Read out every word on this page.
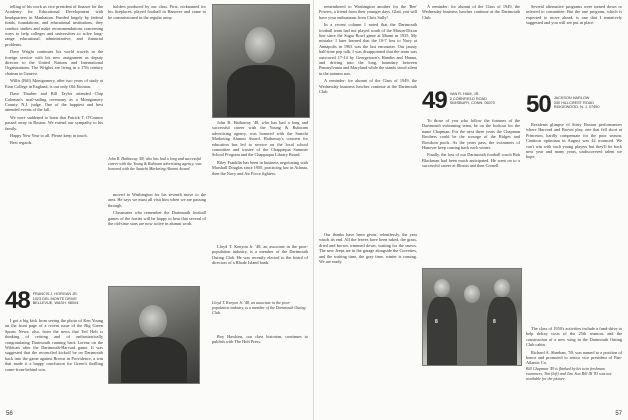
telling of his work as vice president of finance for the Academy for Educational Development with headquarters in Manhattan. Funded largely by federal funds, foundations, and educational institutions, they conduct studies and make recommendations concerning ways to help colleges and universities to solve long-range educational, administrative, and financial problems.

Dave Wright continues his world travels in the foreign service with his new assignment as deputy director to the United Nations and International Organizations. The Wrights are living in a 17th century chateau in Geneva.

Willis (Bill) Montgomery, after two years of study at Eton College in England, is our only Old Etonian.

Dave Thurber and Bill Taylor attended Chip Coleman's mail-sailing ceremony as a Montgomery County, N.J. judge. One of the happiest and best attended events of the fall.

We were saddened to learn that Patrick T. O'Connor passed away in Boston. We extend our sympathy to his family.

Happy New Year to all. Please keep in touch.

Best regards.

48 FRANCIS J. HORGAN JR.
1023 DEL MONTE DRIVE
BELLEVUE, WASH. 98004

I got a big kick from seeing the photo of Ken Young on the front page of a recent issue of the Big Green Sports News; also, from the news that Ted Holt is thinking of retiring and of enthusiastically congratulating Dartmouth running back Lorenz on the Wildcats after the Dartmouth-Harvard game. It was suggested that the reconciled kickoff be on Dartmouth back into the game against Brown in Providence, a win that made it a happy conclusion for Green's thrilling come-from-behind win.

holders produced by our class. First, nicknamed for his fireplaces, played football in Hanover and came to be commissioned in the regular army.

John R. Hathaway '48, who has had a long and successful career with the Young & Rubicam advertising agency, was honored with the Saatchi Marketing Alumni Award.

John R. Hathaway '48, who has had a long and successful career with the Young & Rubicam advertising agency, was honored with the Saatchi Marketing Alumni Award. Hathaway's concern for education has led to service on the local school committee and trustee of the Chappaqua Summer School Program and the Chappaqua Library Board.

Riley Franklin has been in business negotiating with Marshall Douglas since 1950, practicing law in Atlanta, then the Navy and Air Force fighters.

moved to Washington for his seventh move to the area. He says we must all visit him when we are passing through.

Classmates who remember the Dartmouth football games of the forties will be happy to hear that several of the old-time stars are now active in alumni work.

Lloyd T. Kenyon Jr. '48, an associate in the poor-population industry, is a member of the Dartmouth Outing Club.

Lloyd T. Kenyon Jr. '48, an associate in the poor-population industry, is a member of the Dartmouth Outing Club. He was recently elected to the board of directors of a Rhode Island bank.

Roy Hawkins, our class historian, continues to publish with The Holt Press.

56

remembered to Washington another for the 'Bee' Powers, a friend from their younger days. Glad, you will have your enthusiasm from Chris Sully!

In a recent column I noted that the Dartmouth football team had not played south of the Mason-Dixon line since the Sugar Bowl game at Miami in 1935. My mistake. I later learned that the 10-7 loss to Navy at Annapolis in 1963 was the last encounter. Our jaunty half-time pep talk, I was disappointed that the team was outscored 17-14 by Georgetown's Hamlin and Hanna, and driving into the long, boundary between Pennsylvania and Maryland while the stands stood silent in the autumn sun.

A reminder: for alumni of the Class of 1949, the Wednesday business lunches continue at the Dartmouth Club.	49 VAN R. HAM, JR.
2 CORNFIELD ROAD
SIMSBURY, CONN. 06070

A reminder: for alumni of the Class of 1949, the Wednesday business lunches continue at the Dartmouth Club.

To those of you who follow the fortunes of the Dartmouth swimming team, be on the lookout for the name Chapman. For the next three years the Chapman Brothers could be the scourge of the Ridges and Bowdoin pools. As the years pass, the swimmers of Hanover keep coming back each winter.

Finally, the loss of our Dartmouth football coach Bob Blackman had been much anticipated. He went on to a successful career at Illinois and then Cornell.

Our thanks have been given; relentlessly, the year winds its end. All the leaves have been raked, the grass, dried and brown, trimmed down, waiting for the snows. The new Jeeps are in the garage alongside the Corvettes, and the waiting time, the gray time, winter is coming. We are ready.

50 JACKSON HARLOW
330 HILLCREST ROAD
RIDGEWOOD, N. J. 07450

Residents glimpse of thirty Boston performances where Harvard and Brown play, one that fell short at Princeton, hardly compensate for the poor season. Cautious optimism in August was 42 trounced. We can't win with such young players but they'll be back next year and many years, undiscovered talent we hope.

Several alternative programs were turned down or referred to committee. But the one program, which is expected to move ahead, is one that I tentatively suggested and you will see put in place.

The class of 1950's activities include a fund-drive to help defray costs of the 25th reunion, and the construction of a new wing in the Dartmouth Outing Club cabin.

Richard A. Sheehan, '50, was named to a position of honor and promoted to senior vice president of Pan-Atlantic Co.

8	8
Bill Chapman '49 is flanked by his twin freshman swimmers, Tim (left) and Jim. Son Bill III '83 was not available for the picture.
57
